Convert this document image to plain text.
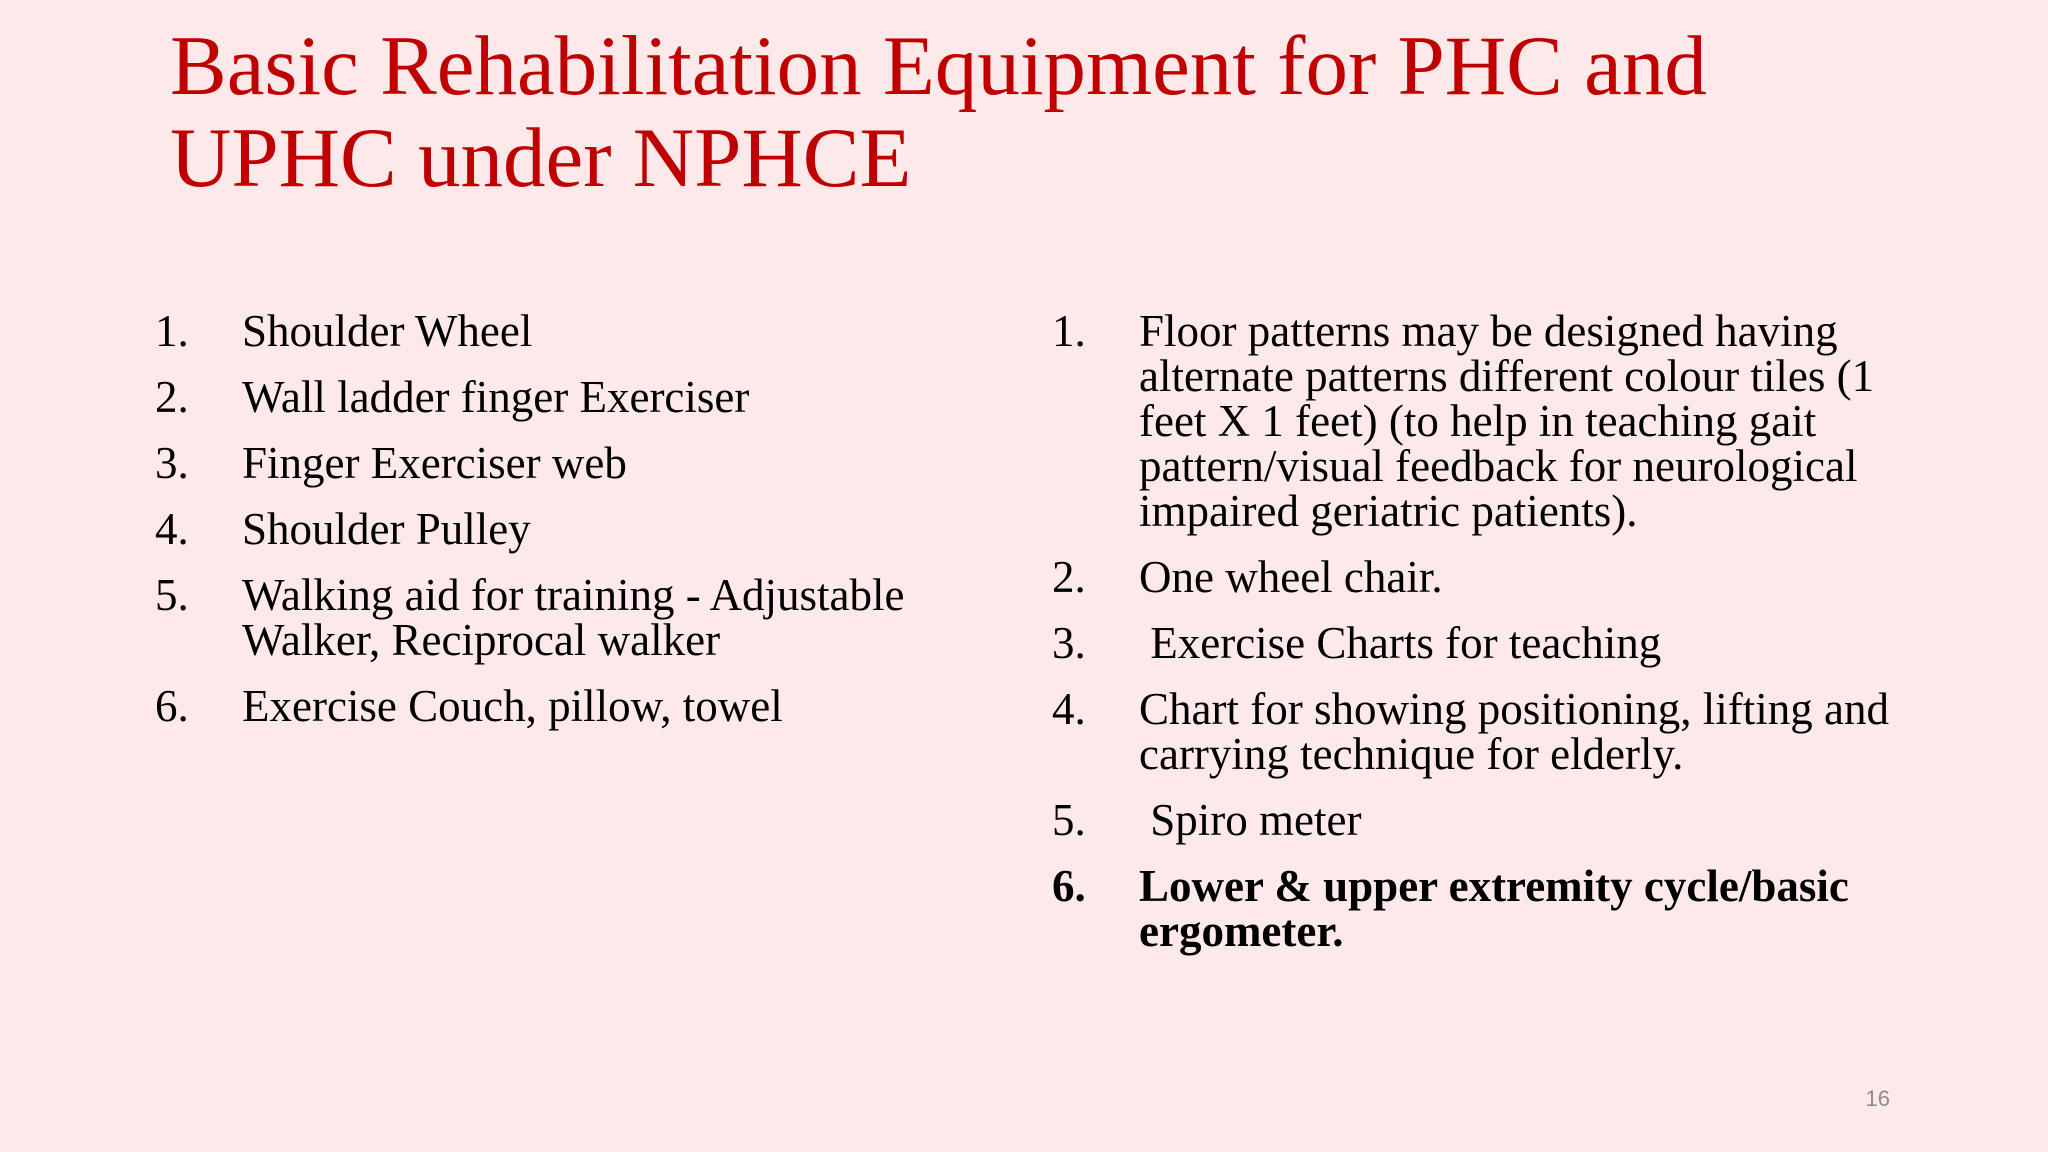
Basic Rehabilitation Equipment for PHC and UPHC under NPHCE
1.	Shoulder Wheel
2.	Wall ladder finger Exerciser
3.	Finger Exerciser web
4.	Shoulder Pulley
5.	Walking aid for training - Adjustable Walker, Reciprocal walker
6.	Exercise Couch, pillow, towel
1.	Floor patterns may be designed having alternate patterns different colour tiles (1 feet X 1 feet) (to help in teaching gait pattern/visual feedback for neurological impaired geriatric patients).
2.	One wheel chair.
3.	Exercise Charts for teaching
4.	Chart for showing positioning, lifting and carrying technique for elderly.
5.	Spiro meter
6.	Lower & upper extremity cycle/basic ergometer.
16
